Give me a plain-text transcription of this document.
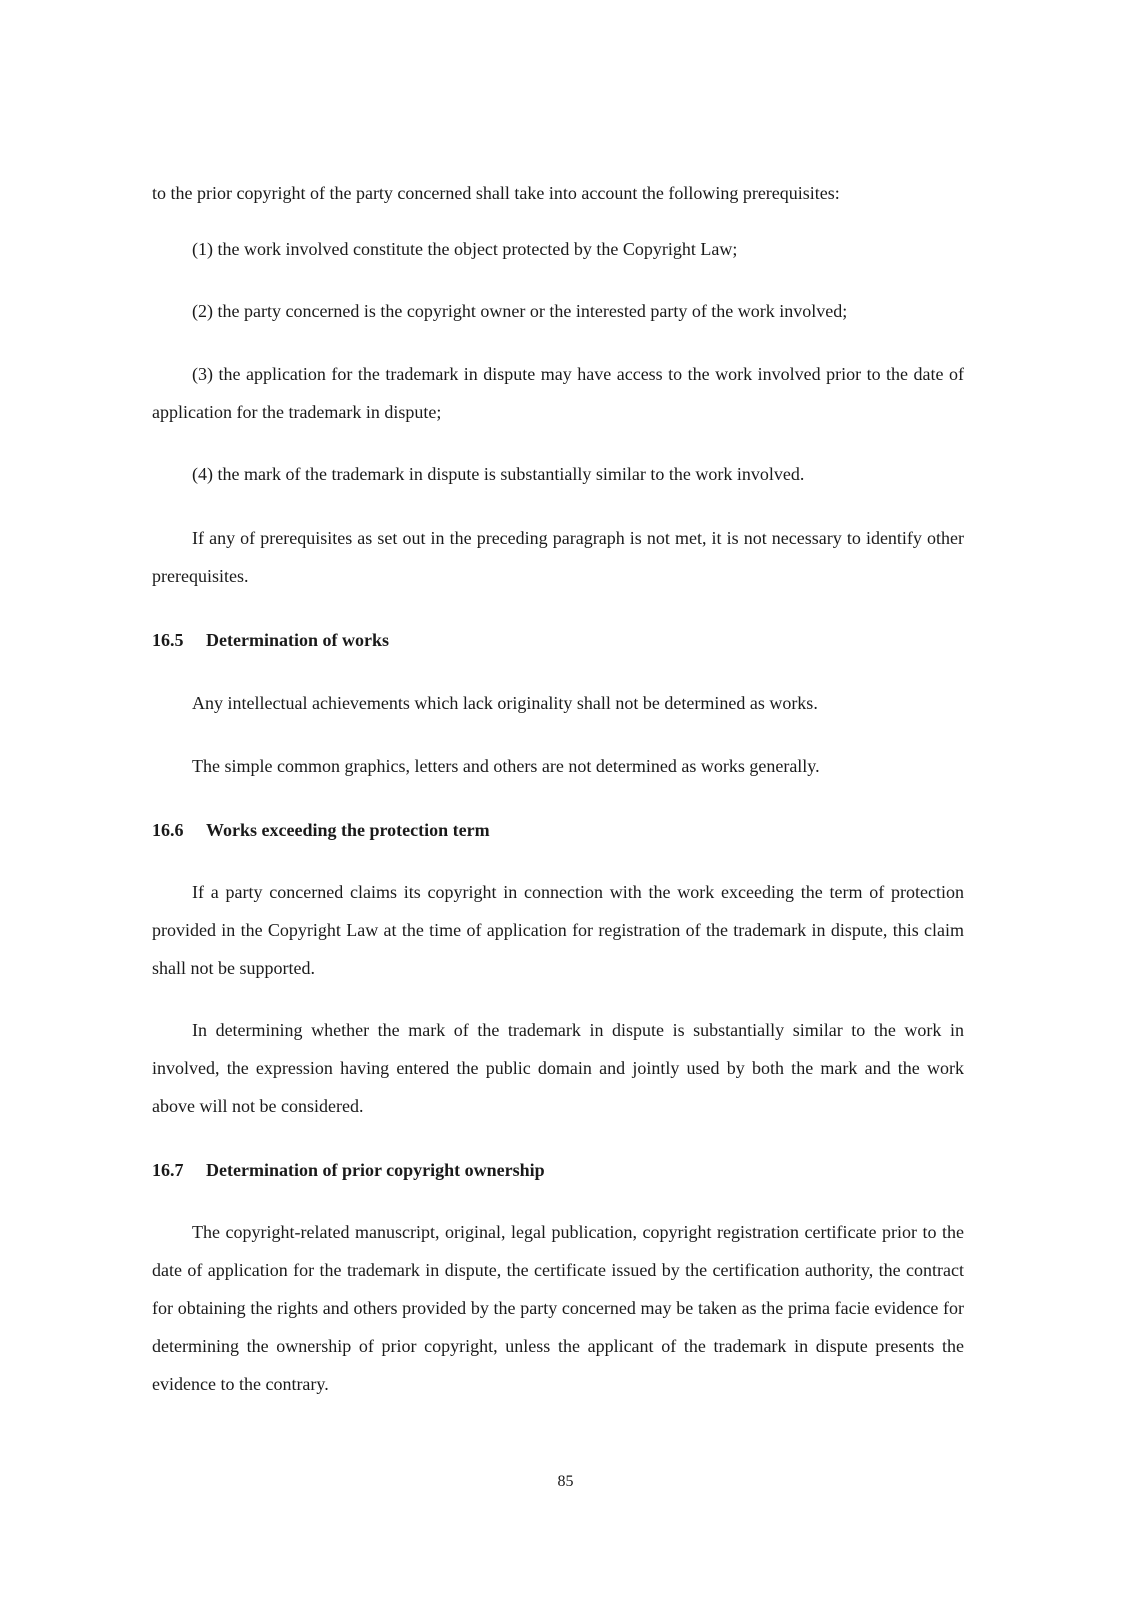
to the prior copyright of the party concerned shall take into account the following prerequisites:

(1) the work involved constitute the object protected by the Copyright Law;

(2) the party concerned is the copyright owner or the interested party of the work involved;

(3) the application for the trademark in dispute may have access to the work involved prior to the date of application for the trademark in dispute;

(4) the mark of the trademark in dispute is substantially similar to the work involved.

If any of prerequisites as set out in the preceding paragraph is not met, it is not necessary to identify other prerequisites.

16.5 Determination of works

Any intellectual achievements which lack originality shall not be determined as works.

The simple common graphics, letters and others are not determined as works generally.

16.6 Works exceeding the protection term

If a party concerned claims its copyright in connection with the work exceeding the term of protection provided in the Copyright Law at the time of application for registration of the trademark in dispute, this claim shall not be supported.

In determining whether the mark of the trademark in dispute is substantially similar to the work in involved, the expression having entered the public domain and jointly used by both the mark and the work above will not be considered.

16.7 Determination of prior copyright ownership

The copyright-related manuscript, original, legal publication, copyright registration certificate prior to the date of application for the trademark in dispute, the certificate issued by the certification authority, the contract for obtaining the rights and others provided by the party concerned may be taken as the prima facie evidence for determining the ownership of prior copyright, unless the applicant of the trademark in dispute presents the evidence to the contrary.

85
